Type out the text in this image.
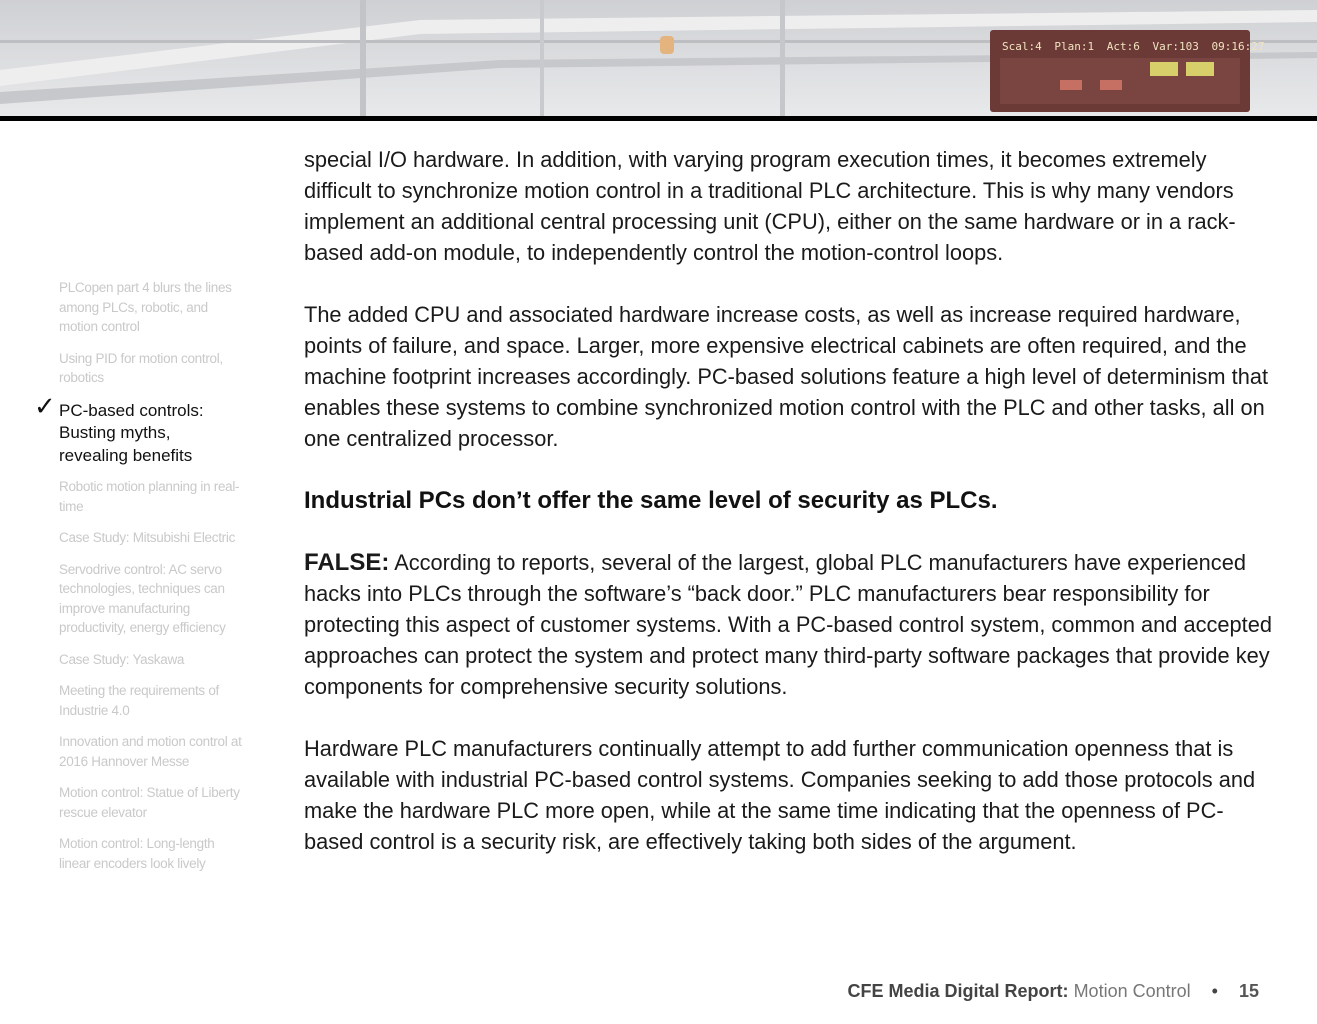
Scal:4 Plan:1 Act:6 Var:103 09:16:27
PLCopen part 4 blurs the lines among PLCs, robotic, and motion control
Using PID for motion control, robotics
✓ PC-based controls: Busting myths, revealing benefits
Robotic motion planning in real-time
Case Study: Mitsubishi Electric
Servodrive control: AC servo technologies, techniques can improve manufacturing productivity, energy efficiency
Case Study: Yaskawa
Meeting the requirements of Industrie 4.0
Innovation and motion control at 2016 Hannover Messe
Motion control: Statue of Liberty rescue elevator
Motion control: Long-length linear encoders look lively

special I/O hardware. In addition, with varying program execution times, it becomes extremely difficult to synchronize motion control in a traditional PLC architecture. This is why many vendors implement an additional central processing unit (CPU), either on the same hardware or in a rack-based add-on module, to independently control the motion-control loops.

The added CPU and associated hardware increase costs, as well as increase required hardware, points of failure, and space. Larger, more expensive electrical cabinets are often required, and the machine footprint increases accordingly. PC-based solutions feature a high level of determinism that enables these systems to combine synchronized motion control with the PLC and other tasks, all on one centralized processor.

Industrial PCs don’t offer the same level of security as PLCs.

FALSE: According to reports, several of the largest, global PLC manufacturers have experienced hacks into PLCs through the software’s “back door.” PLC manufacturers bear responsibility for protecting this aspect of customer systems. With a PC-based control system, common and accepted approaches can protect the system and protect many third-party software packages that provide key components for comprehensive security solutions.

Hardware PLC manufacturers continually attempt to add further communication openness that is available with industrial PC-based control systems. Companies seeking to add those protocols and make the hardware PLC more open, while at the same time indicating that the openness of PC-based control is a security risk, are effectively taking both sides of the argument.

CFE Media Digital Report: Motion Control • 15
